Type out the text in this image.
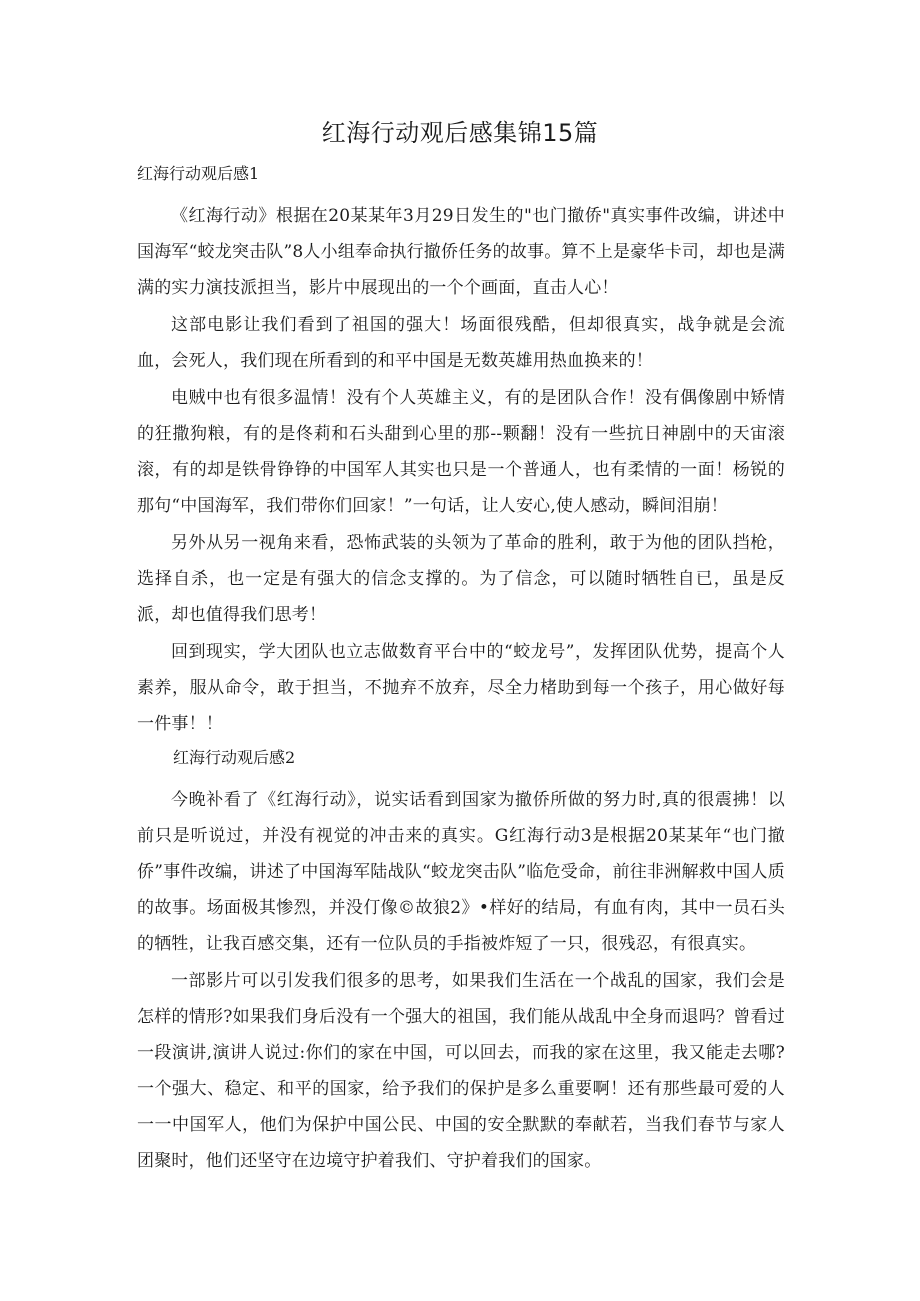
红海行动观后感集锦15篇
红海行动观后感1

《红海行动》根据在20某某年3月29日发生的"也门撤侨"真实事件改编，讲述中国海军“蛟龙突击队”8人小组奉命执行撤侨任务的故事。算不上是豪华卡司，却也是满满的实力演技派担当，影片中展现出的一个个画面，直击人心！

这部电影让我们看到了祖国的强大！场面很残酷，但却很真实，战争就是会流血，会死人，我们现在所看到的和平中国是无数英雄用热血换来的！

电贼中也有很多温情！没有个人英雄主义，有的是团队合作！没有偶像剧中矫情的狂撒狗粮，有的是佟莉和石头甜到心里的那--颗翻！没有一些抗日神剧中的天宙滚滚，有的却是铁骨铮铮的中国军人其实也只是一个普通人，也有柔情的一面！杨锐的那句“中国海军，我们带你们回家！”一句话，让人安心,使人感动，瞬间泪崩！

另外从另一视角来看，恐怖武装的头领为了革命的胜利，敢于为他的团队挡枪，选择自杀，也一定是有强大的信念支撑的。为了信念，可以随时牺牲自已，虽是反派，却也值得我们思考！

回到现实，学大团队也立志做数育平台中的“蛟龙号”，发挥团队优势，提高个人素养，服从命令，敢于担当，不抛弃不放弃，尽全力楮助到每一个孩子，用心做好每一件事！！

红海行动观后感2

今晚补看了《红海行动》，说实话看到国家为撤侨所做的努力时,真的很震拂！以前只是听说过，并没有视觉的冲击来的真实。G红海行动3是根据20某某年“也门撤侨”事件改编，讲述了中国海军陆战队“蛟龙突击队”临危受命，前往非洲解救中国人质的故事。场面极其惨烈，并没仃像©故狼2》•样好的结局，有血有肉，其中一员石头的牺牲，让我百感交集，还有一位队员的手指被炸短了一只，很残忍，有很真实。

一部影片可以引发我们很多的思考，如果我们生活在一个战乱的国家，我们会是怎样的情形?如果我们身后没有一个强大的祖国，我们能从战乱中全身而退吗？曾看过一段演讲,演讲人说过:你们的家在中国，可以回去，而我的家在这里，我又能走去哪?一个强大、稳定、和平的国家，给予我们的保护是多么重要啊！还有那些最可爱的人一一中国军人，他们为保护中国公民、中国的安全默默的奉献若，当我们春节与家人团聚时，他们还坚守在边境守护着我们、守护着我们的国家。
